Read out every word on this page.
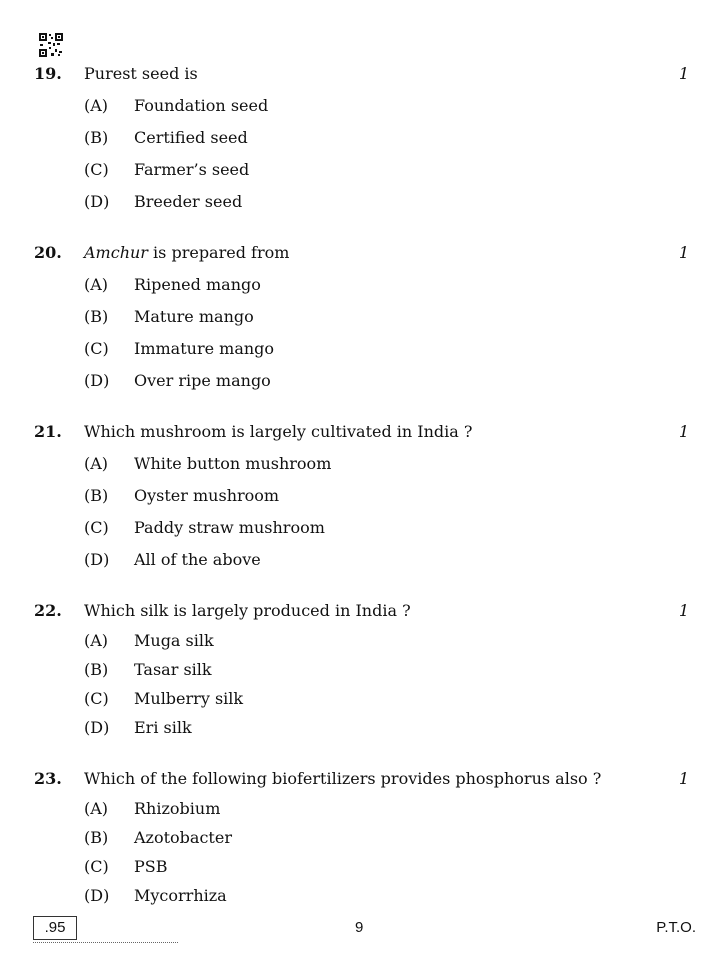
19. Purest seed is	1
(A) Foundation seed
(B) Certified seed
(C) Farmer’s seed
(D) Breeder seed
20. Amchur is prepared from	1
(A) Ripened mango
(B) Mature mango
(C) Immature mango
(D) Over ripe mango
21. Which mushroom is largely cultivated in India ?	1
(A) White button mushroom
(B) Oyster mushroom
(C) Paddy straw mushroom
(D) All of the above
22. Which silk is largely produced in India ?	1
(A) Muga silk
(B) Tasar silk
(C) Mulberry silk
(D) Eri silk
23. Which of the following biofertilizers provides phosphorus also ?	1
(A) Rhizobium
(B) Azotobacter
(C) PSB
(D) Mycorrhiza
.95	9	P.T.O.
